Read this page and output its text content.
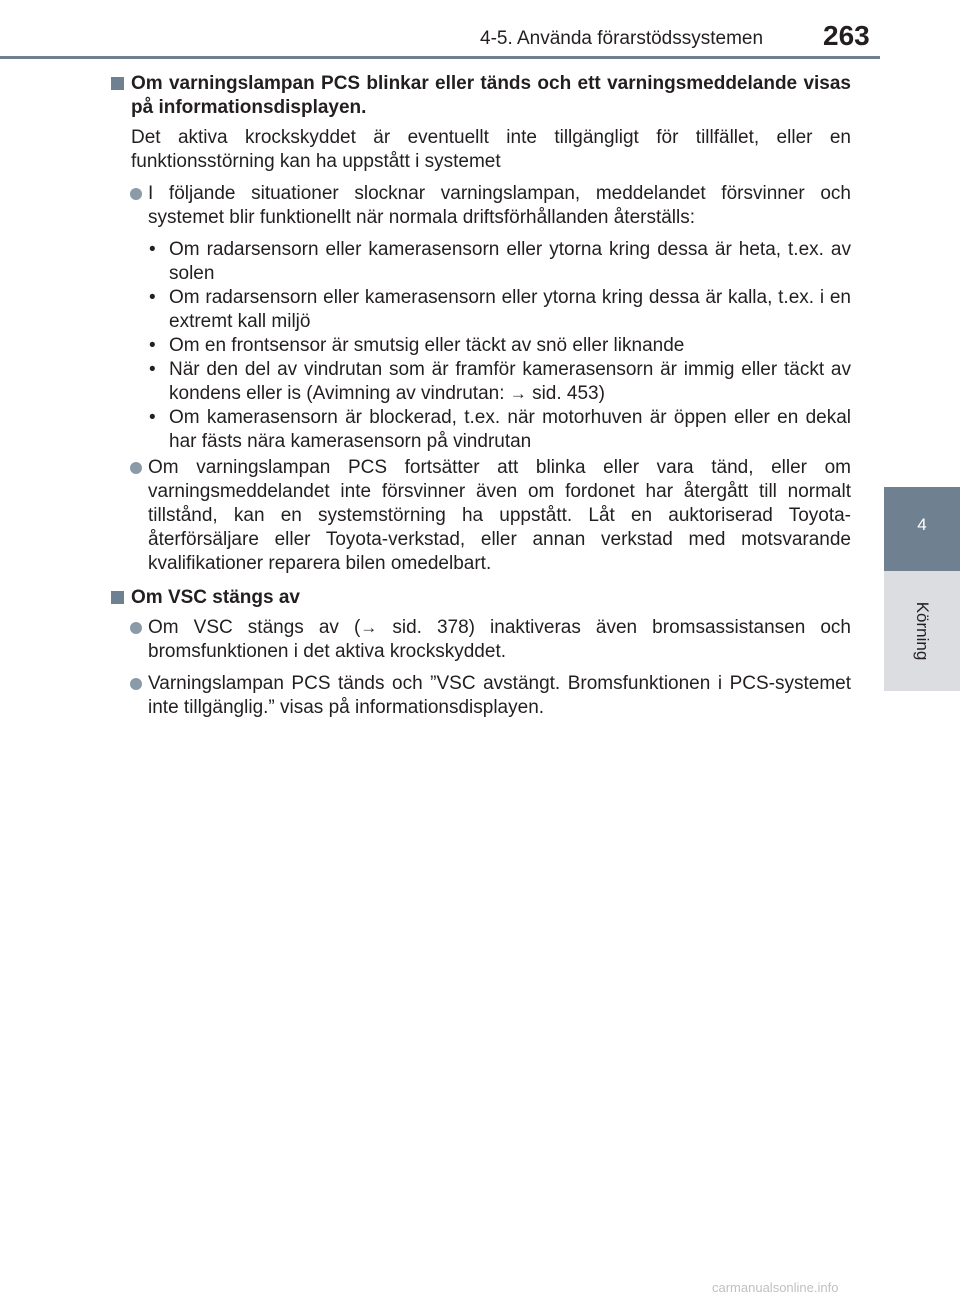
4-5. Använda förarstödssystemen 263
4
Körning
Om varningslampan PCS blinkar eller tänds och ett varningsmeddelande visas på informationsdisplayen.
Det aktiva krockskyddet är eventuellt inte tillgängligt för tillfället, eller en funktionsstörning kan ha uppstått i systemet
I följande situationer slocknar varningslampan, meddelandet försvinner och systemet blir funktionellt när normala driftsförhållanden återställs:
• Om radarsensorn eller kamerasensorn eller ytorna kring dessa är heta, t.ex. av solen
• Om radarsensorn eller kamerasensorn eller ytorna kring dessa är kalla, t.ex. i en extremt kall miljö
• Om en frontsensor är smutsig eller täckt av snö eller liknande
• När den del av vindrutan som är framför kamerasensorn är immig eller täckt av kondens eller is (Avimning av vindrutan: → sid. 453)
• Om kamerasensorn är blockerad, t.ex. när motorhuven är öppen eller en dekal har fästs nära kamerasensorn på vindrutan
Om varningslampan PCS fortsätter att blinka eller vara tänd, eller om varningsmeddelandet inte försvinner även om fordonet har återgått till normalt tillstånd, kan en systemstörning ha uppstått. Låt en auktoriserad Toyota-återförsäljare eller Toyota-verkstad, eller annan verkstad med motsvarande kvalifikationer reparera bilen omedelbart.
Om VSC stängs av
Om VSC stängs av (→ sid. 378) inaktiveras även bromsassistansen och bromsfunktionen i det aktiva krockskyddet.
Varningslampan PCS tänds och ”VSC avstängt. Bromsfunktionen i PCS-systemet inte tillgänglig.” visas på informationsdisplayen.
carmanualsonline.info
